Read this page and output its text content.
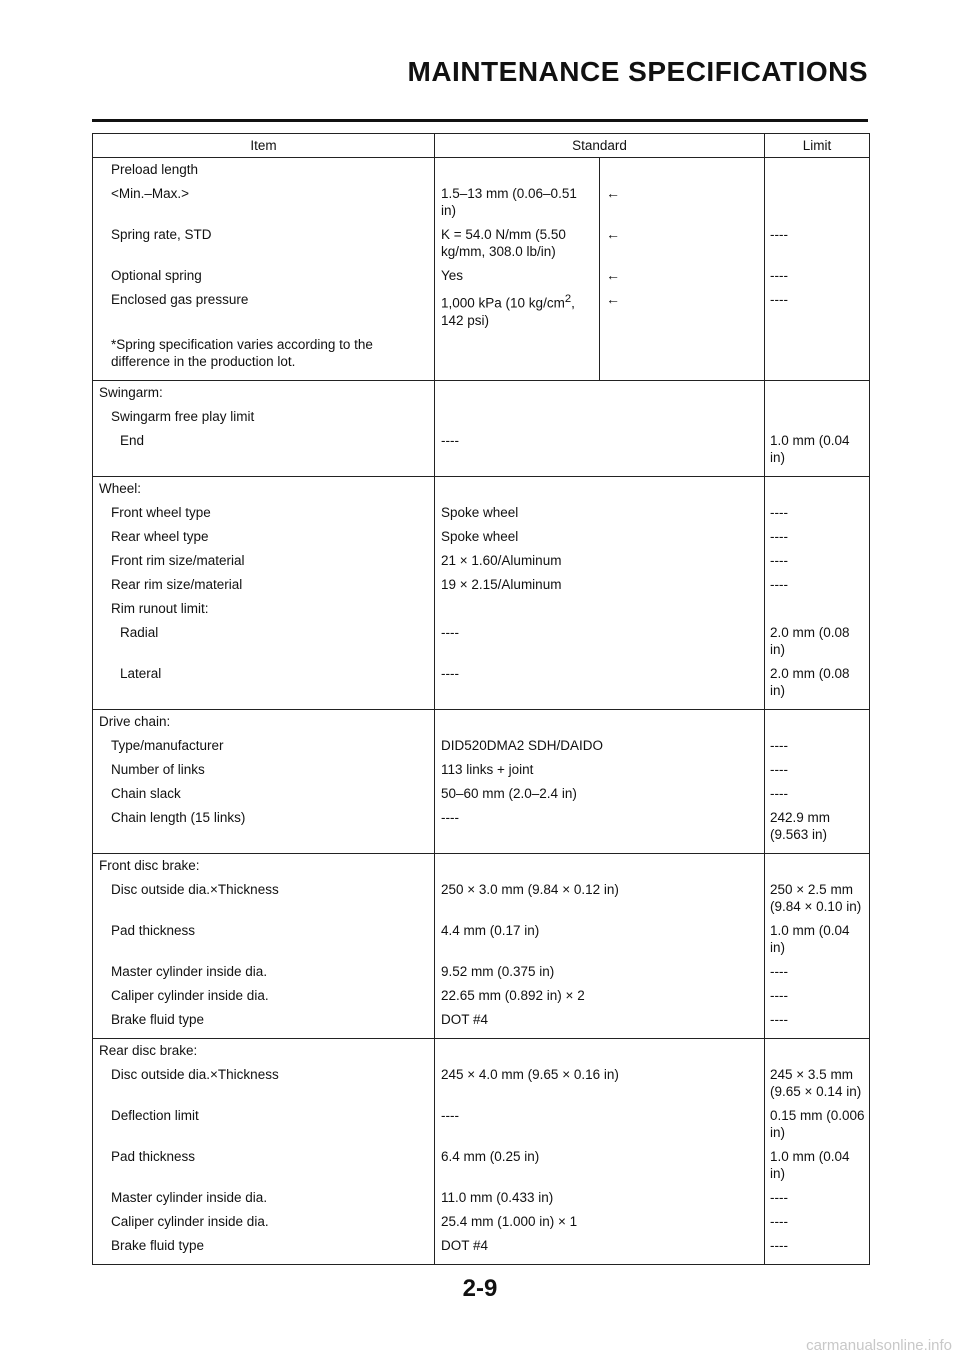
MAINTENANCE SPECIFICATIONS
Item	Standard		Limit
Preload length			
<Min.–Max.>	1.5–13 mm (0.06–0.51 in)	←	
Spring rate, STD	K = 54.0 N/mm (5.50 kg/mm, 308.0 lb/in)	←	----
Optional spring	Yes	←	----
Enclosed gas pressure	1,000 kPa (10 $kg/cm^2$, 142 psi)	←	----
*Spring specification varies according to the difference in the production lot.			
Swingarm:			
Swingarm free play limit			
End	----		1.0 mm (0.04 in)
Wheel:			
Front wheel type	Spoke wheel		----
Rear wheel type	Spoke wheel		----
Front rim size/material	21 × 1.60/Aluminum		----
Rear rim size/material	19 × 2.15/Aluminum		----
Rim runout limit:			
Radial	----		2.0 mm (0.08 in)
Lateral	----		2.0 mm (0.08 in)
Drive chain:			
Type/manufacturer	DID520DMA2 SDH/DAIDO		----
Number of links	113 links + joint		----
Chain slack	50–60 mm (2.0–2.4 in)		----
Chain length (15 links)	----		242.9 mm (9.563 in)
Front disc brake:			
Disc outside dia.×Thickness	250 × 3.0 mm (9.84 × 0.12 in)		250 × 2.5 mm (9.84 × 0.10 in)
Pad thickness	4.4 mm (0.17 in)		1.0 mm (0.04 in)
Master cylinder inside dia.	9.52 mm (0.375 in)		----
Caliper cylinder inside dia.	22.65 mm (0.892 in) × 2		----
Brake fluid type	DOT #4		----
Rear disc brake:			
Disc outside dia.×Thickness	245 × 4.0 mm (9.65 × 0.16 in)		245 × 3.5 mm (9.65 × 0.14 in)
Deflection limit	----		0.15 mm (0.006 in)
Pad thickness	6.4 mm (0.25 in)		1.0 mm (0.04 in)
Master cylinder inside dia.	11.0 mm (0.433 in)		----
Caliper cylinder inside dia.	25.4 mm (1.000 in) × 1		----
Brake fluid type	DOT #4		----
2-9
carmanualsonline.info
